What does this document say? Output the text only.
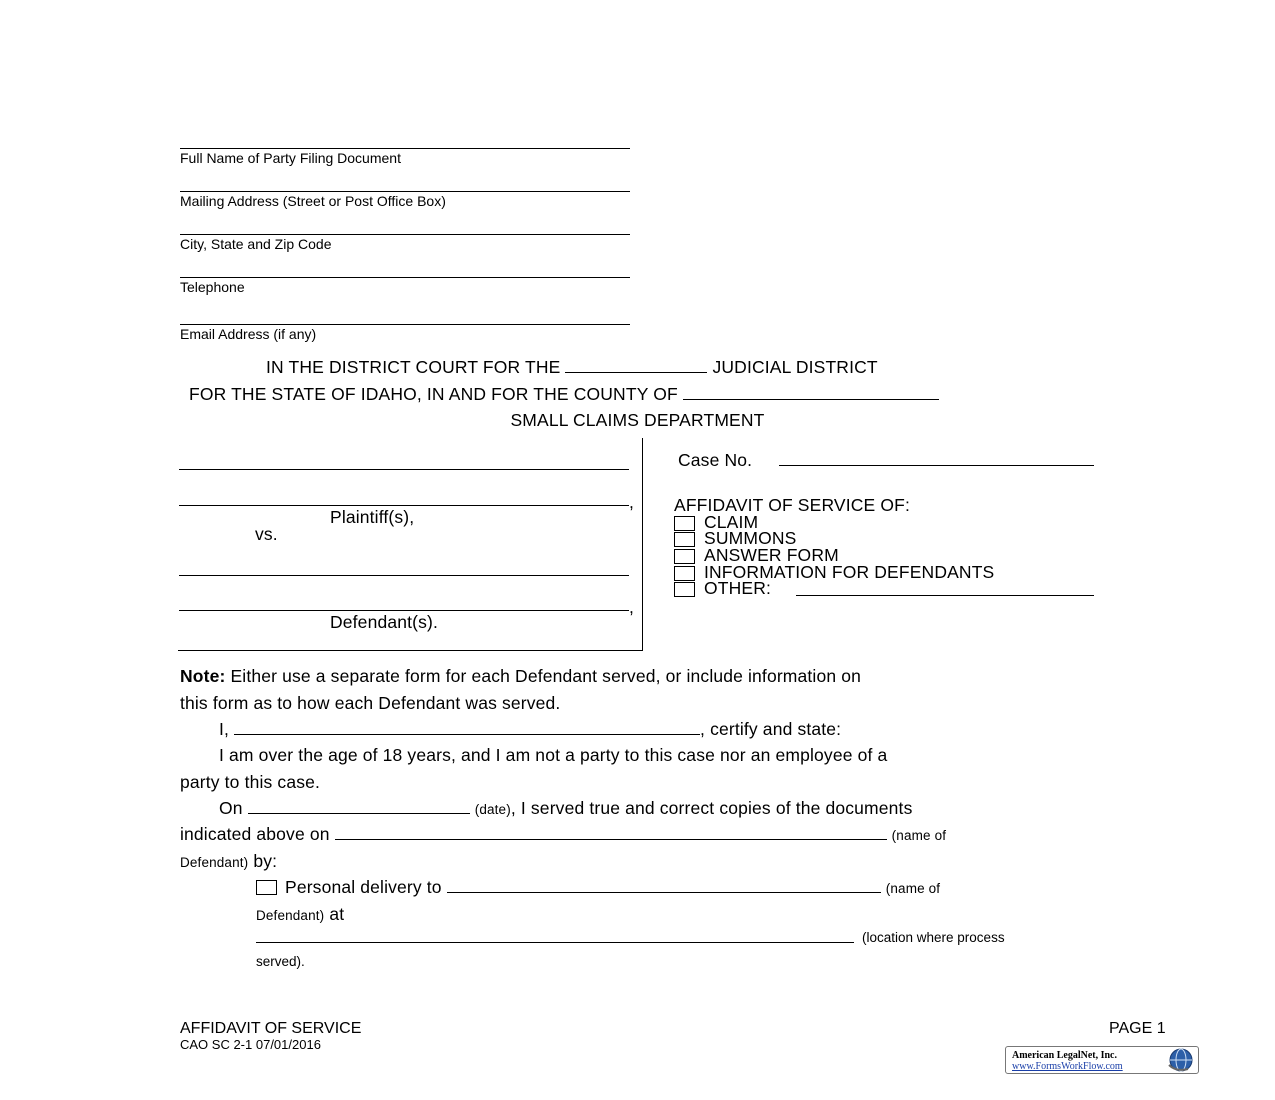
Full Name of Party Filing Document
Mailing Address (Street or Post Office Box)
City, State and Zip Code
Telephone
Email Address (if any)
IN THE DISTRICT COURT FOR THE	JUDICIAL DISTRICT
FOR THE STATE OF IDAHO, IN AND FOR THE COUNTY OF
SMALL CLAIMS DEPARTMENT
,
Plaintiff(s),
vs.
,
Defendant(s).
Case No.
AFFIDAVIT OF SERVICE OF:
CLAIM
SUMMONS
ANSWER FORM
INFORMATION FOR DEFENDANTS
OTHER:
Note: Either use a separate form for each Defendant served, or include information on
this form as to how each Defendant was served.
I,	, certify and state:
I am over the age of 18 years, and I am not a party to this case nor an employee of a
party to this case.
On	(date), I served true and correct copies of the documents
indicated above on	(name of
Defendant) by:
Personal delivery to	(name of
Defendant) at
(location where process
served).
AFFIDAVIT OF SERVICE
CAO SC 2-1 07/01/2016
PAGE 1
American LegalNet, Inc.
www.FormsWorkFlow.com
